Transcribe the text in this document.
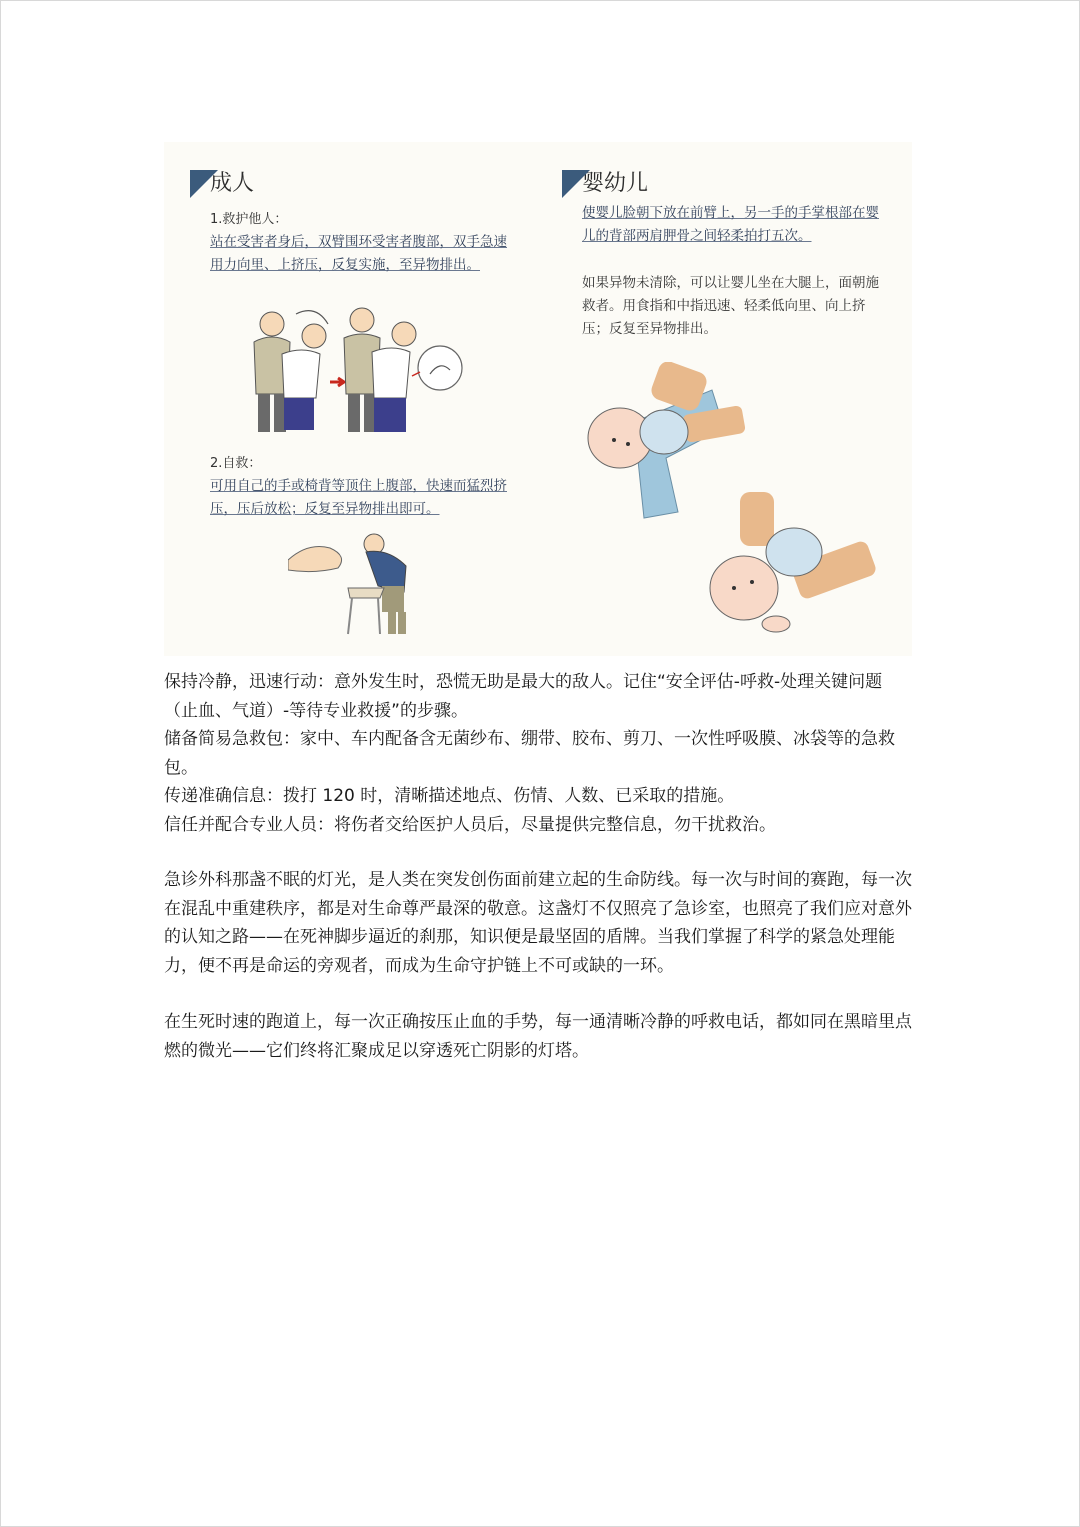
成人
1.救护他人：
站在受害者身后，双臂围环受害者腹部，双手急速用力向里、上挤压，反复实施，至异物排出。
2.自救：
可用自己的手或椅背等顶住上腹部，快速而猛烈挤压，压后放松；反复至异物排出即可。
婴幼儿
使婴儿脸朝下放在前臂上，另一手的手掌根部在婴儿的背部两肩胛骨之间轻柔拍打五次。
如果异物未清除，可以让婴儿坐在大腿上，面朝施救者。用食指和中指迅速、轻柔低向里、向上挤压；反复至异物排出。

保持冷静，迅速行动：意外发生时，恐慌无助是最大的敌人。记住“安全评估-呼救-处理关键问题（止血、气道）-等待专业救援”的步骤。

储备简易急救包：家中、车内配备含无菌纱布、绷带、胶布、剪刀、一次性呼吸膜、冰袋等的急救包。

传递准确信息：拨打 120 时，清晰描述地点、伤情、人数、已采取的措施。

信任并配合专业人员：将伤者交给医护人员后，尽量提供完整信息，勿干扰救治。

急诊外科那盏不眠的灯光，是人类在突发创伤面前建立起的生命防线。每一次与时间的赛跑，每一次在混乱中重建秩序，都是对生命尊严最深的敬意。这盏灯不仅照亮了急诊室，也照亮了我们应对意外的认知之路——在死神脚步逼近的刹那，知识便是最坚固的盾牌。当我们掌握了科学的紧急处理能力，便不再是命运的旁观者，而成为生命守护链上不可或缺的一环。

在生死时速的跑道上，每一次正确按压止血的手势，每一通清晰冷静的呼救电话，都如同在黑暗里点燃的微光——它们终将汇聚成足以穿透死亡阴影的灯塔。
